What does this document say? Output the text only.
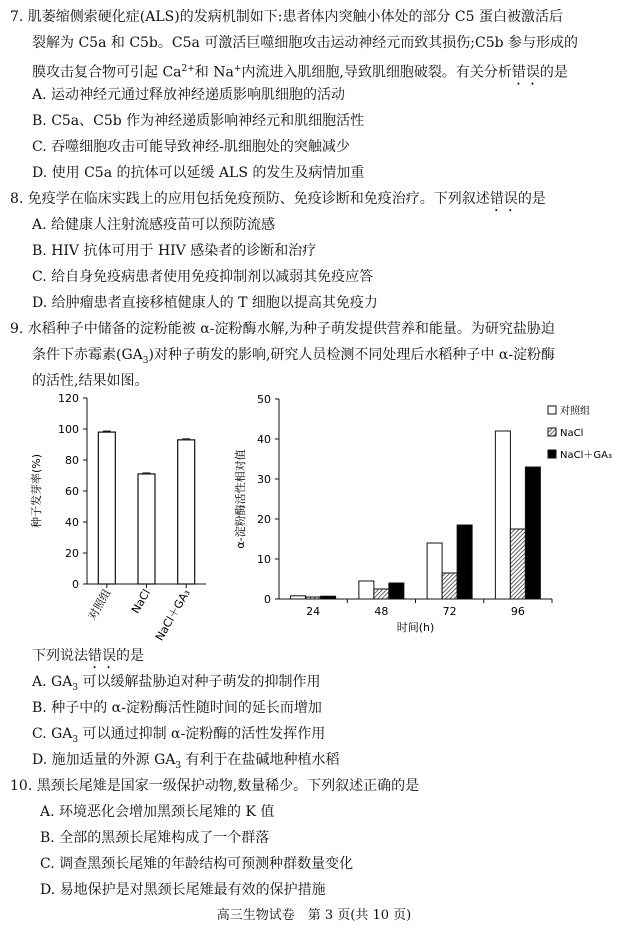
7. 肌萎缩侧索硬化症(ALS)的发病机制如下:患者体内突触小体处的部分 C5 蛋白被激活后
裂解为 C5a 和 C5b。C5a 可激活巨噬细胞攻击运动神经元而致其损伤;C5b 参与形成的
膜攻击复合物可引起 $Ca^{2+}$和 Na+内流进入肌细胞,导致肌细胞破裂。有关分析错误的是
A. 运动神经元通过释放神经递质影响肌细胞的活动
B. C5a、C5b 作为神经递质影响神经元和肌细胞活性
C. 吞噬细胞攻击可能导致神经-肌细胞处的突触减少
D. 使用 C5a 的抗体可以延缓 ALS 的发生及病情加重
8. 免疫学在临床实践上的应用包括免疫预防、免疫诊断和免疫治疗。下列叙述错误的是
A. 给健康人注射流感疫苗可以预防流感
B. HIV 抗体可用于 HIV 感染者的诊断和治疗
C. 给自身免疫病患者使用免疫抑制剂以减弱其免疫应答
D. 给肿瘤患者直接移植健康人的 T 细胞以提高其免疫力
9. 水稻种子中储备的淀粉能被 α-淀粉酶水解,为种子萌发提供营养和能量。为研究盐胁迫
条件下赤霉素$(GA_3)$对种子萌发的影响,研究人员检测不同处理后水稻种子中 α-淀粉酶
的活性,结果如图。
0
20
40
60
80
100
120
对照组 NaCl NaCl＋GA₃
种子发芽率(%)
0
10
20
30
40
50
24	48	72	96
时间(h)
α-淀粉酶活性相对值
对照组
NaCl
NaCl＋GA₃
下列说法错误的是
A. $GA_3$ 可以缓解盐胁迫对种子萌发的抑制作用
B. 种子中的 α-淀粉酶活性随时间的延长而增加
C. $GA_3$ 可以通过抑制 α-淀粉酶的活性发挥作用
D. 施加适量的外源 $GA_3$ 有利于在盐碱地种植水稻
10. 黑颈长尾雉是国家一级保护动物,数量稀少。下列叙述正确的是
A. 环境恶化会增加黑颈长尾雉的 K 值
B. 全部的黑颈长尾雉构成了一个群落
C. 调查黑颈长尾雉的年龄结构可预测种群数量变化
D. 易地保护是对黑颈长尾雉最有效的保护措施
高三生物试卷　第 3 页(共 10 页)
